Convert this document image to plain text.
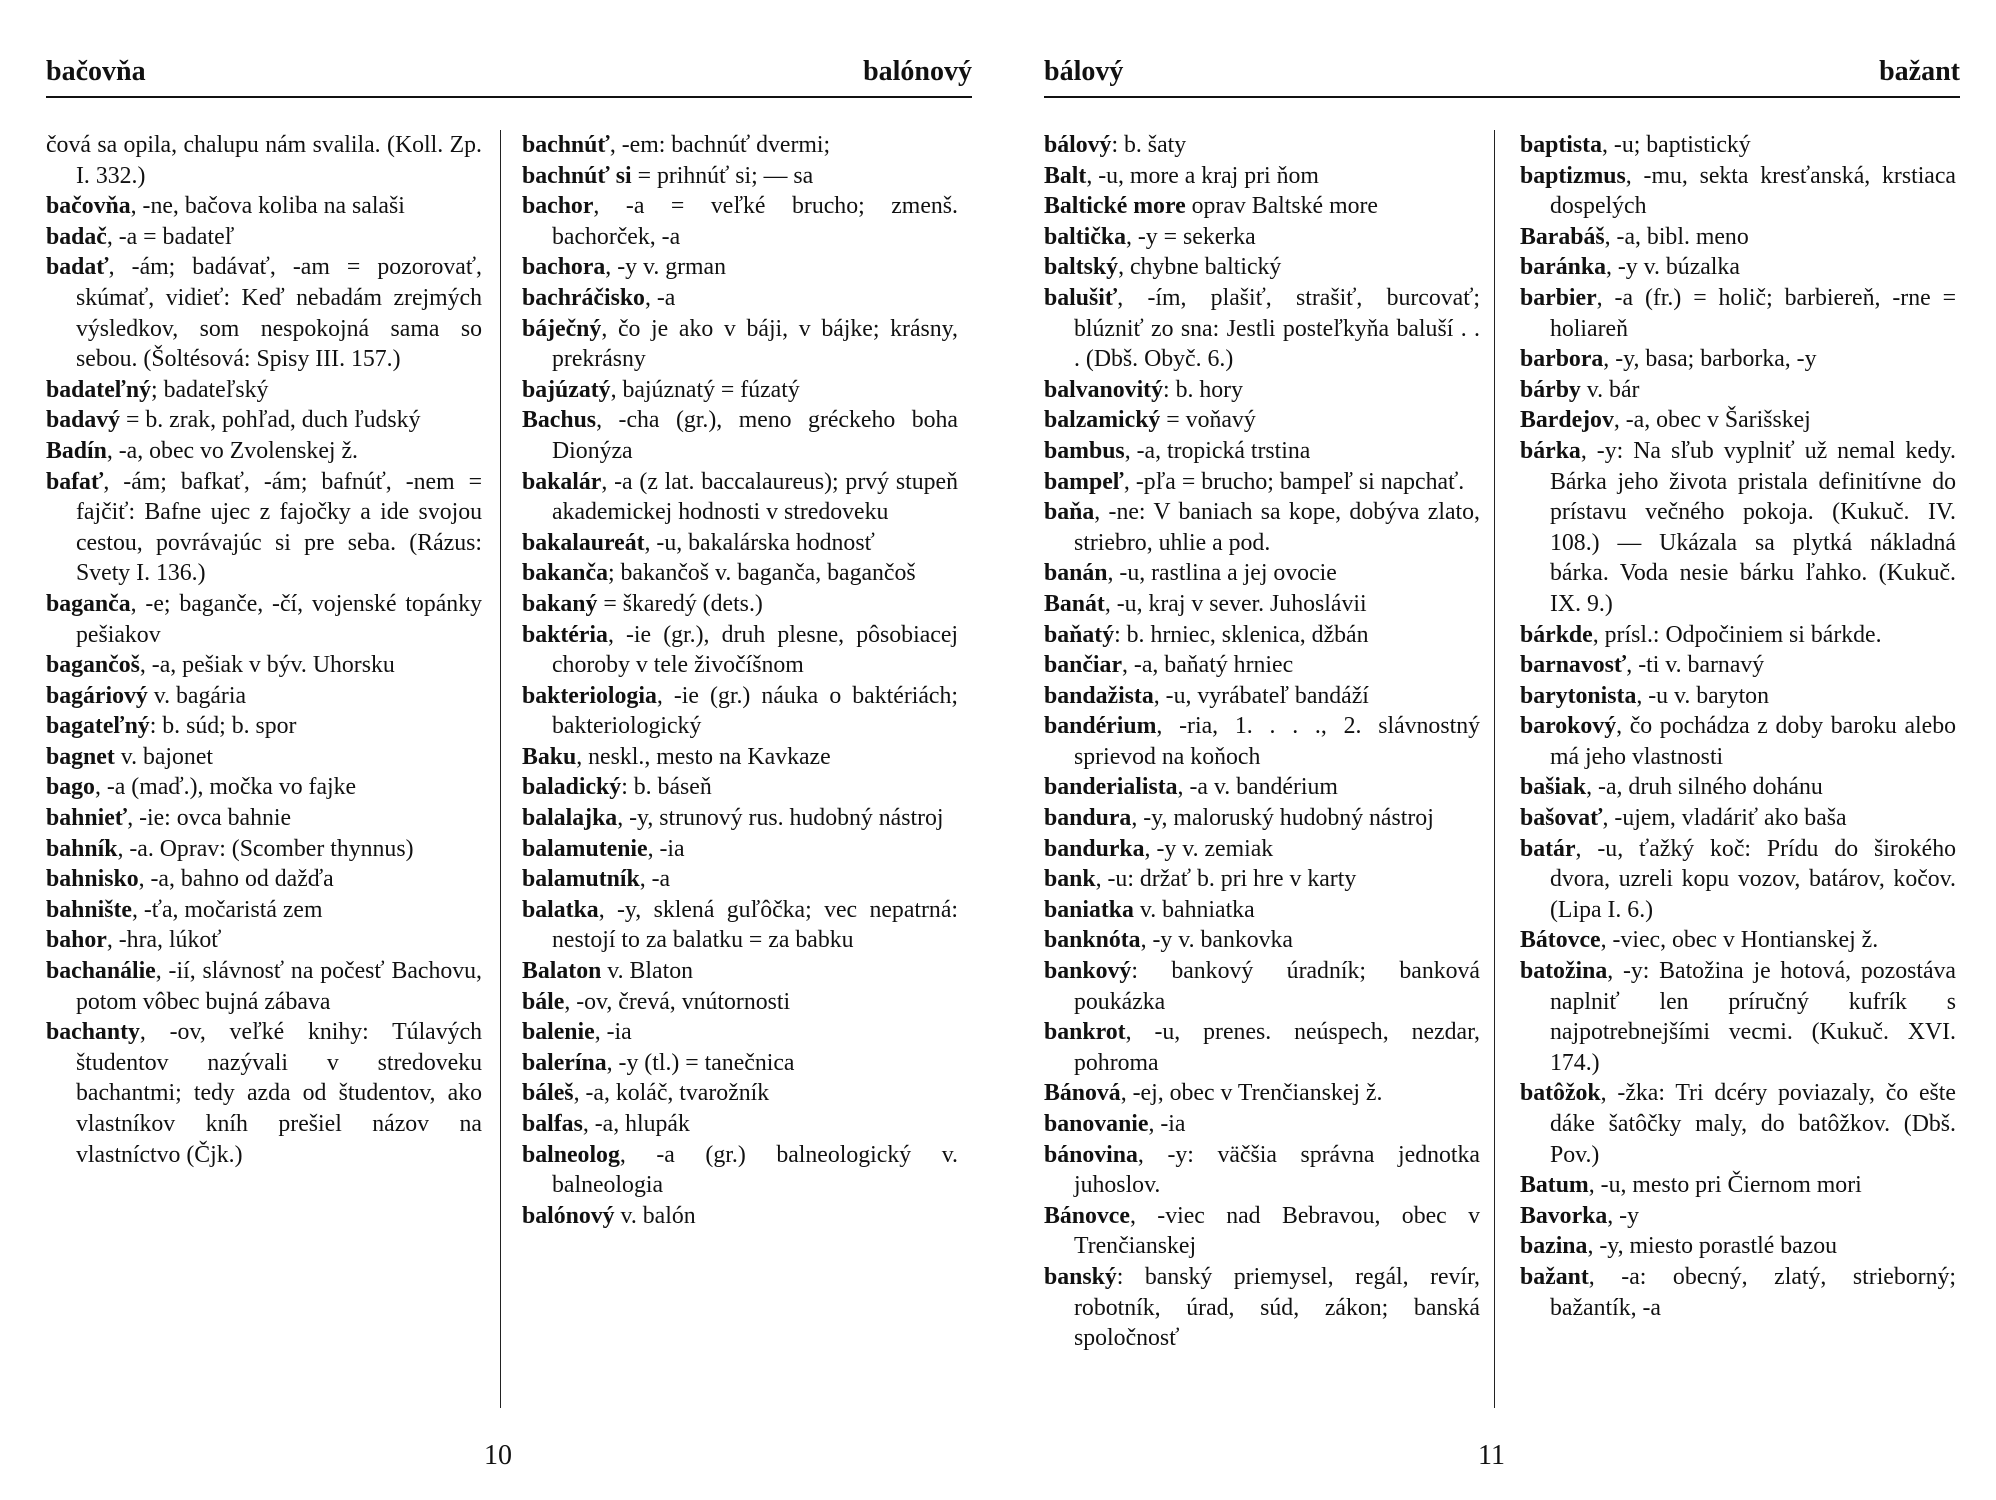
bačovňa	balónový

čová sa opila, chalupu nám svalila. (Koll. Zp. I. 332.)

bačovňa, -ne, bačova koliba na salaši

badač, -a = badateľ

badať, -ám; badávať, -am = pozorovať, skúmať, vidieť: Keď nebadám zrejmých výsledkov, som nespokojná sama so sebou. (Šoltésová: Spisy III. 157.)

badateľný; badateľský

badavý = b. zrak, pohľad, duch ľudský

Badín, -a, obec vo Zvolenskej ž.

bafať, -ám; bafkať, -ám; bafnúť, -nem = fajčiť: Bafne ujec z fajočky a ide svojou cestou, povrávajúc si pre seba. (Rázus: Svety I. 136.)

baganča, -e; bagančе, -čí, vojenské topánky pešiakov

bagančoš, -a, pešiak v býv. Uhorsku

bagáriový v. bagária

bagateľný: b. súd; b. spor

bagnet v. bajonet

bago, -a (maď.), močka vo fajke

bahnieť, -ie: ovca bahnie

bahník, -a. Oprav: (Scomber thynnus)

bahnisko, -a, bahno od dažďa

bahnište, -ťa, močaristá zem

bahor, -hra, lúkoť

bachanálie, -ií, slávnosť na počesť Bachovu, potom vôbec bujná zábava

bachanty, -ov, veľké knihy: Túlavých študentov nazývali v stredoveku bachantmi; tedy azda od študentov, ako vlastníkov kníh prešiel názov na vlastníctvo (Čjk.)

bachnúť, -em: bachnúť dvermi;

bachnúť si = prihnúť si; — sa

bachor, -a = veľké brucho; zmenš. bachorček, -a

bachora, -y v. grman

bachráčisko, -a

báječný, čo je ako v báji, v bájke; krásny, prekrásny

bajúzatý, bajúznatý = fúzatý

Bachus, -cha (gr.), meno gréckeho boha Dionýza

bakalár, -a (z lat. baccalaureus); prvý stupeň akademickej hodnosti v stredoveku

bakalaureát, -u, bakalárska hodnosť

bakanča; bakančoš v. baganča, bagančoš

bakaný = škaredý (dets.)

baktéria, -ie (gr.), druh plesne, pôsobiacej choroby v tele živočíšnom

bakteriologia, -ie (gr.) náuka o baktériách; bakteriologický

Baku, neskl., mesto na Kavkaze

baladický: b. báseň

balalajka, -y, strunový rus. hudobný nástroj

balamutenie, -ia

balamutník, -a

balatka, -y, sklená guľôčka; vec nepatrná: nestojí to za balatku = za babku

Balaton v. Blaton

bále, -ov, črevá, vnútornosti

balenie, -ia

balerína, -y (tl.) = tanečnica

báleš, -a, koláč, tvarožník

balfas, -a, hlupák

balneolog, -a (gr.) balneologický v. balneologia

balónový v. balón

10
bálový	bažant

bálový: b. šaty

Balt, -u, more a kraj pri ňom

Baltické more oprav Baltské more

baltička, -y = sekerka

baltský, chybne baltický

balušiť, -ím, plašiť, strašiť, burcovať; blúzniť zo sna: Jestli posteľkyňa baluší . . . (Dbš. Obyč. 6.)

balvanovitý: b. hory

balzamický = voňavý

bambus, -a, tropická trstina

bampeľ, -pľa = brucho; bampeľ si napchať.

baňa, -ne: V baniach sa kope, dobýva zlato, striebro, uhlie a pod.

banán, -u, rastlina a jej ovocie

Banát, -u, kraj v sever. Juhoslávii

baňatý: b. hrniec, sklenica, džbán

bančiar, -a, baňatý hrniec

bandažista, -u, vyrábateľ bandáží

bandérium, -ria, 1. . . ., 2. slávnostný sprievod na koňoch

banderialista, -a v. bandérium

bandura, -y, maloruský hudobný nástroj

bandurka, -y v. zemiak

bank, -u: držať b. pri hre v karty

baniatka v. bahniatka

banknóta, -y v. bankovka

bankový: bankový úradník; banková poukázka

bankrot, -u, prenes. neúspech, nezdar, pohroma

Bánová, -ej, obec v Trenčianskej ž.

banovanie, -ia

bánovina, -y: väčšia správna jednotka juhoslov.

Bánovce, -viec nad Bebravou, obec v Trenčianskej

banský: banský priemysel, regál, revír, robotník, úrad, súd, zákon; banská spoločnosť

baptista, -u; baptistický

baptizmus, -mu, sekta kresťanská, krstiaca dospelých

Barabáš, -a, bibl. meno

baránka, -y v. búzalka

barbier, -a (fr.) = holič; barbiereň, -rne = holiareň

barbora, -y, basa; barborka, -y

bárby v. bár

Bardejov, -a, obec v Šarišskej

bárka, -y: Na sľub vyplniť už nemal kedy. Bárka jeho života pristala definitívne do prístavu večného pokoja. (Kukuč. IV. 108.) — Ukázala sa plytká nákladná bárka. Voda nesie bárku ľahko. (Kukuč. IX. 9.)

bárkde, prísl.: Odpočiniem si bárkde.

barnavosť, -ti v. barnavý

barytonista, -u v. baryton

barokový, čo pochádza z doby baroku alebo má jeho vlastnosti

bašiak, -a, druh silného dohánu

bašovať, -ujem, vladáriť ako baša

batár, -u, ťažký koč: Prídu do širokého dvora, uzreli kopu vozov, batárov, kočov. (Lipa I. 6.)

Bátovce, -viec, obec v Hontianskej ž.

batožina, -y: Batožina je hotová, pozostáva naplniť len príručný kufrík s najpotrebnejšími vecmi. (Kukuč. XVI. 174.)

batôžok, -žka: Tri dcéry poviazaly, čo ešte dáke šatôčky maly, do batôžkov. (Dbš. Pov.)

Batum, -u, mesto pri Čiernom mori

Bavorka, -y

bazina, -y, miesto porastlé bazou

bažant, -a: obecný, zlatý, strieborný; bažantík, -a

11
